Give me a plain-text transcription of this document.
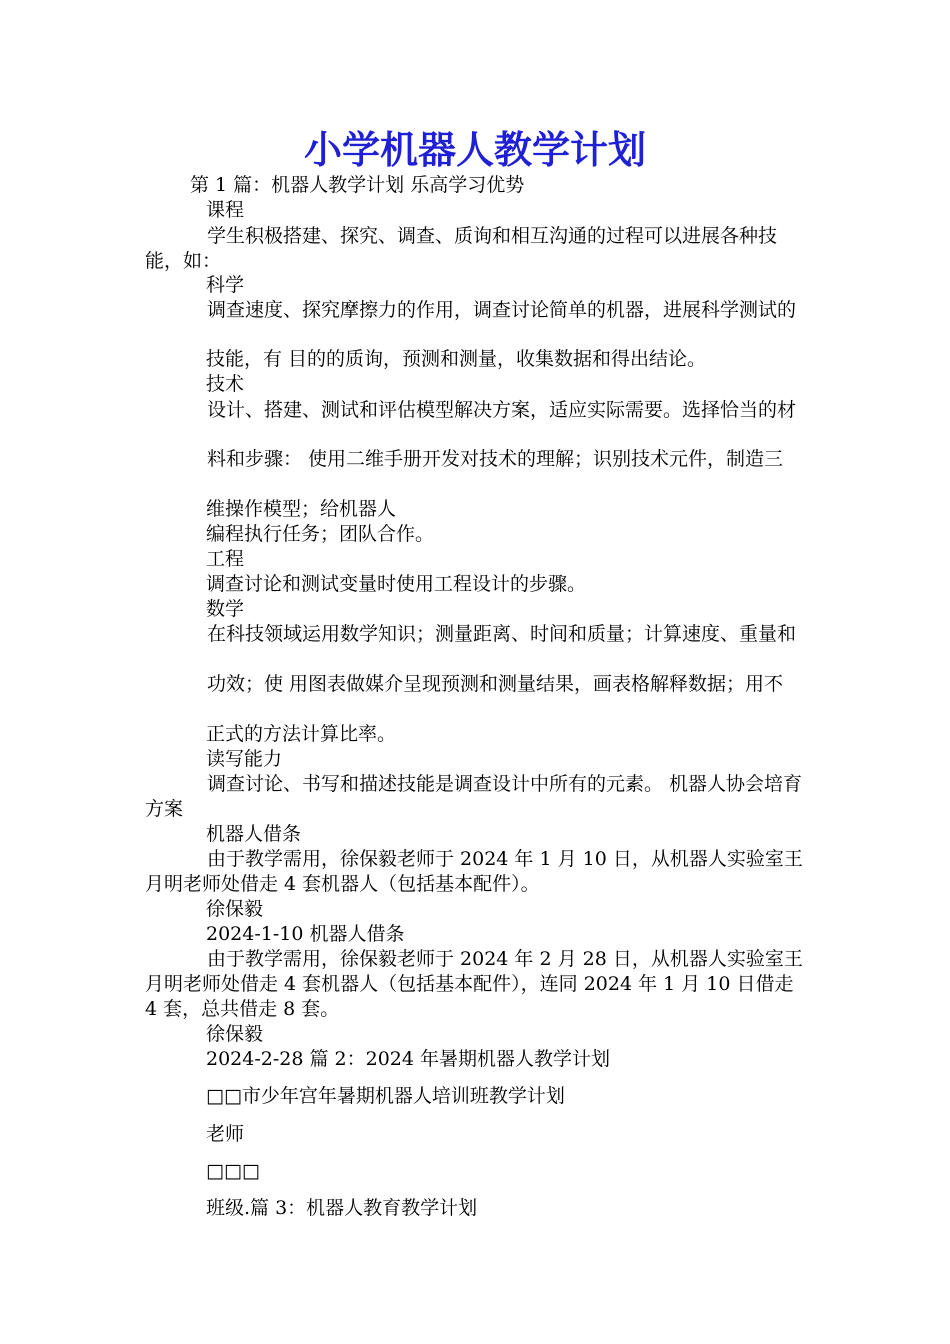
小学机器人教学计划
第 1 篇：机器人教学计划 乐高学习优势
课程
学生积极搭建、探究、调查、质询和相互沟通的过程可以进展各种技能，如：
科学
调查速度、探究摩擦力的作用，调查讨论简单的机器，进展科学测试的
技能，有 目的的质询，预测和测量，收集数据和得出结论。
技术
设计、搭建、测试和评估模型解决方案，适应实际需要。选择恰当的材
料和步骤： 使用二维手册开发对技术的理解；识别技术元件，制造三
维操作模型；给机器人
编程执行任务；团队合作。
工程
调查讨论和测试变量时使用工程设计的步骤。
数学
在科技领域运用数学知识；测量距离、时间和质量；计算速度、重量和
功效；使 用图表做媒介呈现预测和测量结果，画表格解释数据；用不
正式的方法计算比率。
读写能力
调查讨论、书写和描述技能是调查设计中所有的元素。 机器人协会培育方案
机器人借条
由于教学需用，徐保毅老师于 2024 年 1 月 10 日，从机器人实验室王月明老师处借走 4 套机器人（包括基本配件）。
徐保毅
2024-1-10 机器人借条
由于教学需用，徐保毅老师于 2024 年 2 月 28 日，从机器人实验室王月明老师处借走 4 套机器人（包括基本配件），连同 2024 年 1 月 10 日借走 4 套，总共借走 8 套。
徐保毅
2024-2-28 篇 2：2024 年暑期机器人教学计划
□□市少年宫年暑期机器人培训班教学计划
老师
□□□
班级.篇 3：机器人教育教学计划
